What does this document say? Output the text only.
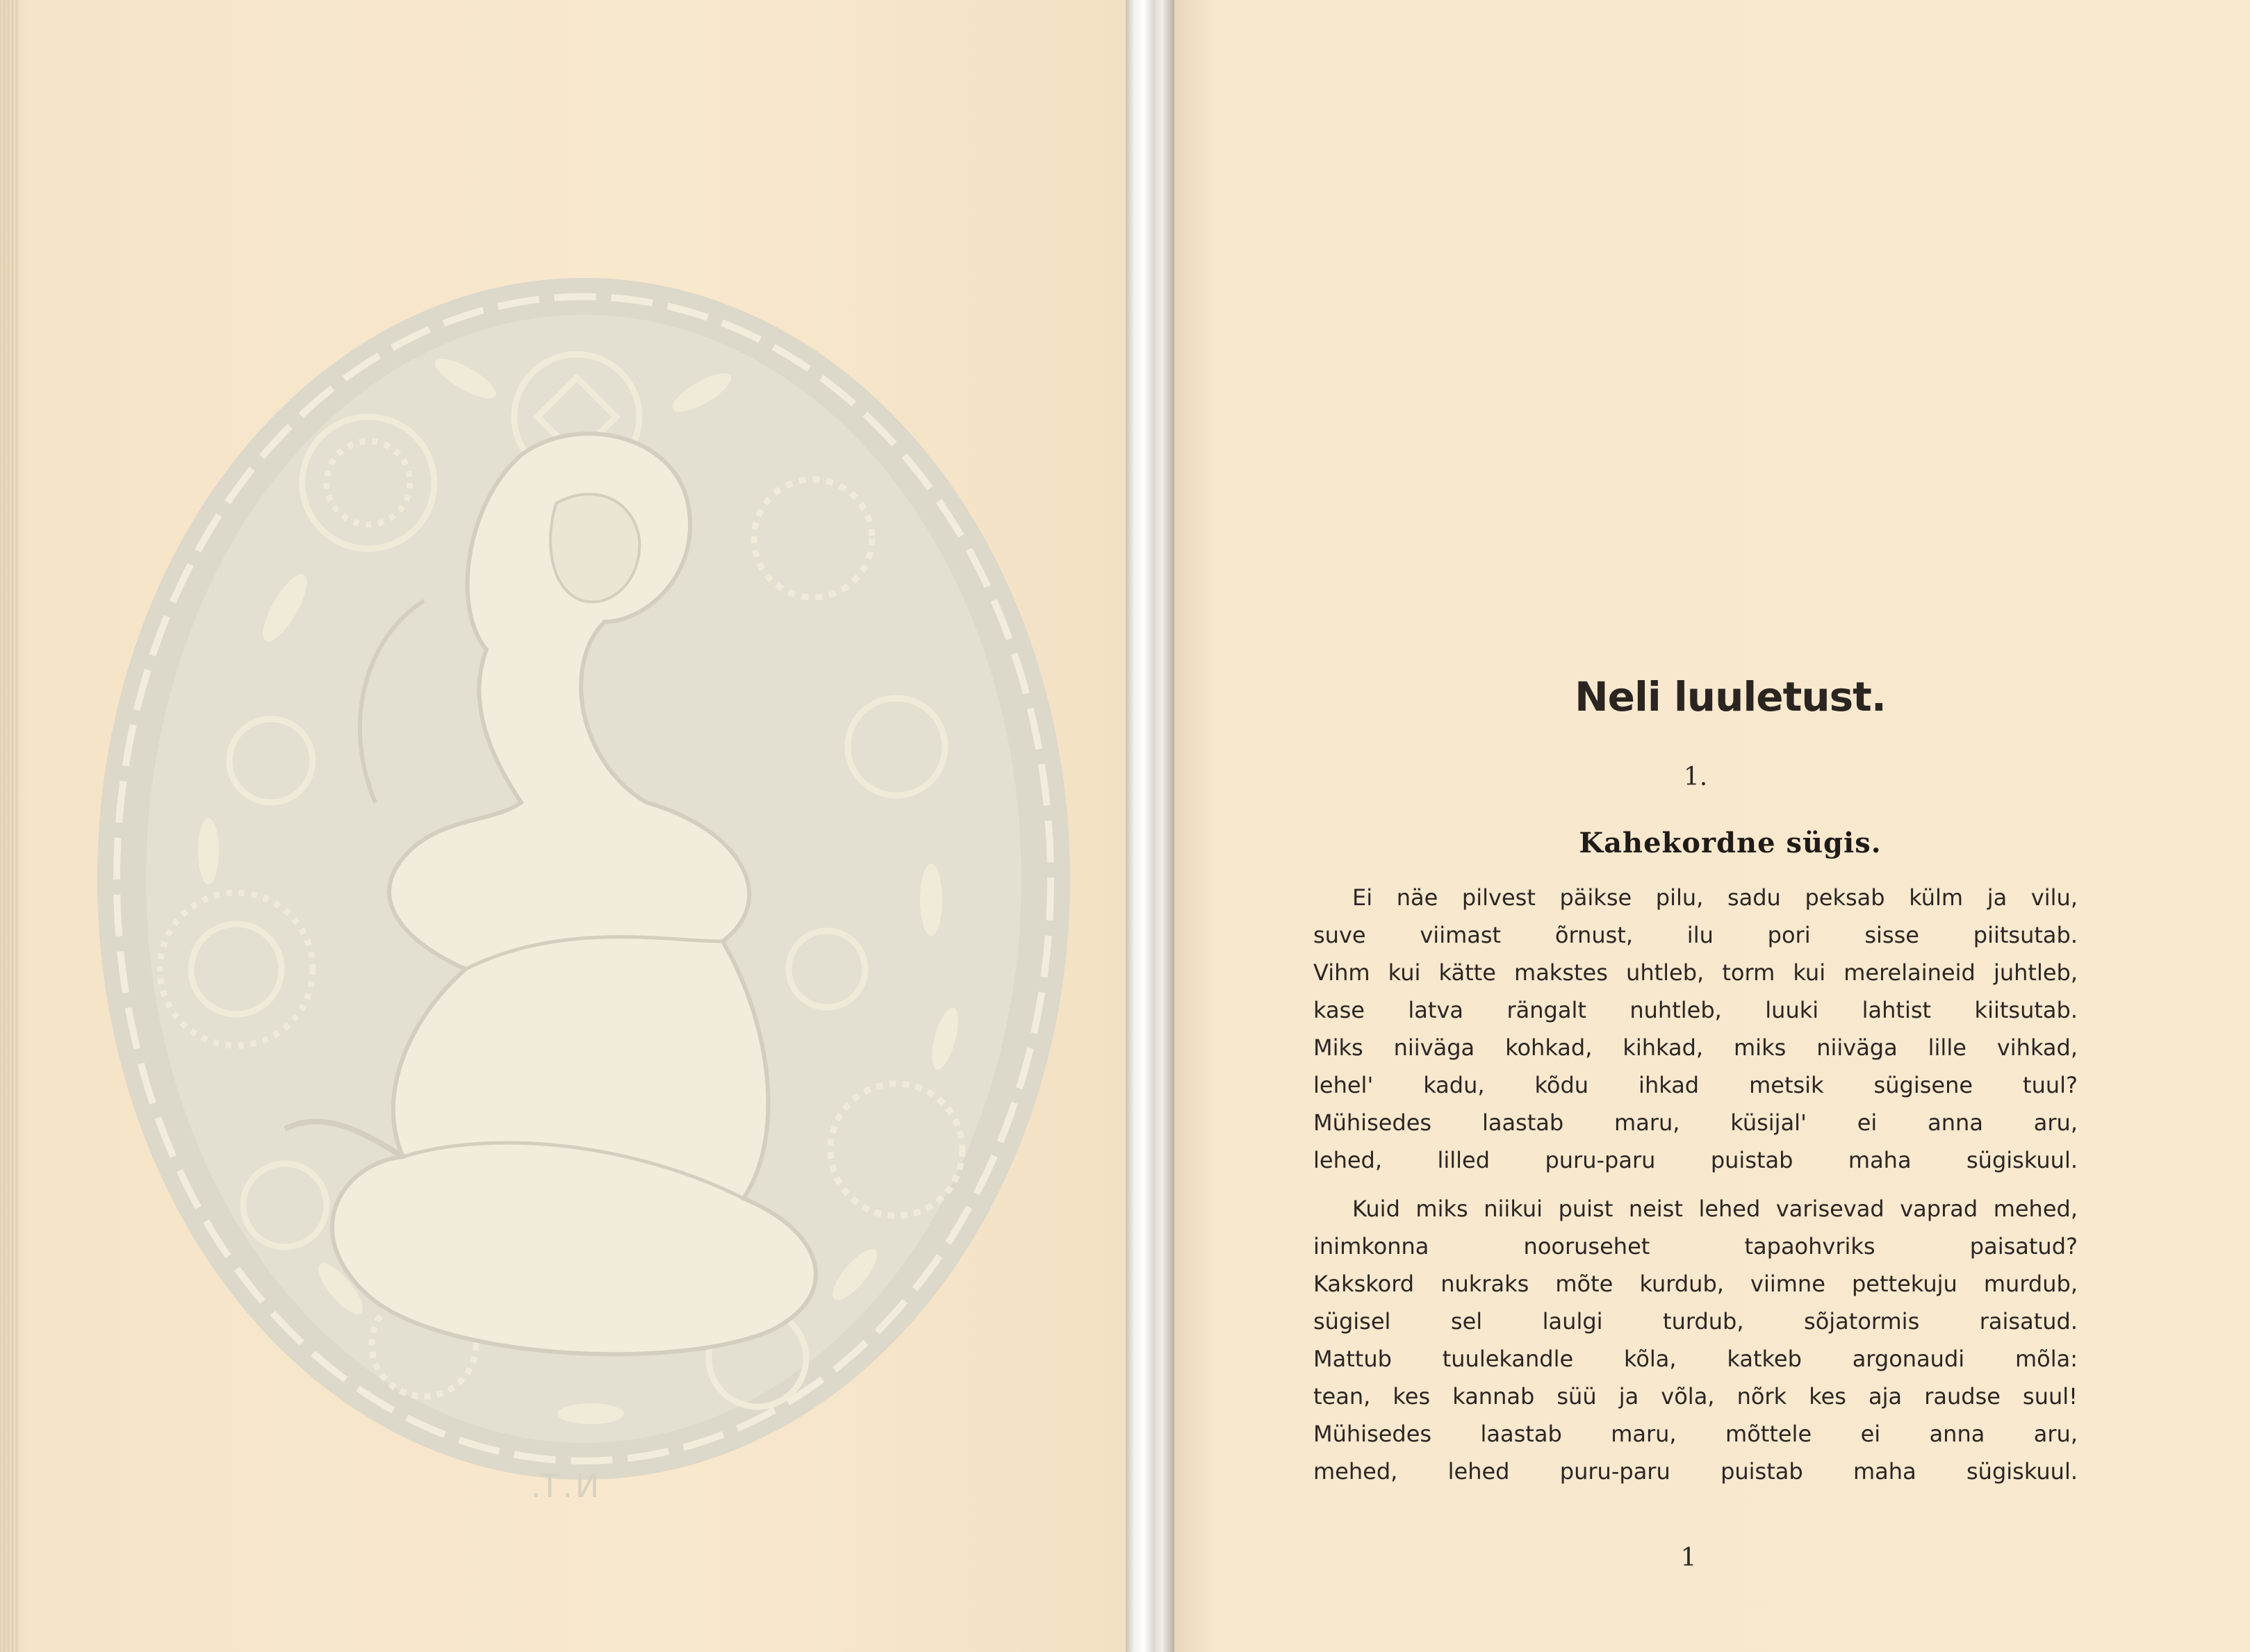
N.T.
Neli luuletust.
1.
Kahekordne sügis.
Ei näe pilvest päikse pilu, sadu peksab külm ja vilu,
suve viimast õrnust, ilu pori sisse piitsutab.
Vihm kui kätte makstes uhtleb, torm kui merelaineid juhtleb,
kase latva rängalt nuhtleb, luuki lahtist kiitsutab.
Miks niiväga kohkad, kihkad, miks niiväga lille vihkad,
lehel' kadu, kõdu ihkad metsik sügisene tuul?
Mühisedes laastab maru, küsijal' ei anna aru,
lehed, lilled puru-paru puistab maha sügiskuul.
Kuid miks niikui puist neist lehed varisevad vaprad mehed,
inimkonna noorusehet tapaohvriks paisatud?
Kakskord nukraks mõte kurdub, viimne pettekuju murdub,
sügisel sel laulgi turdub, sõjatormis raisatud.
Mattub tuulekandle kõla, katkeb argonaudi mõla:
tean, kes kannab süü ja võla, nõrk kes aja raudse suul!
Mühisedes laastab maru, mõttele ei anna aru,
mehed, lehed puru-paru puistab maha sügiskuul.
1
